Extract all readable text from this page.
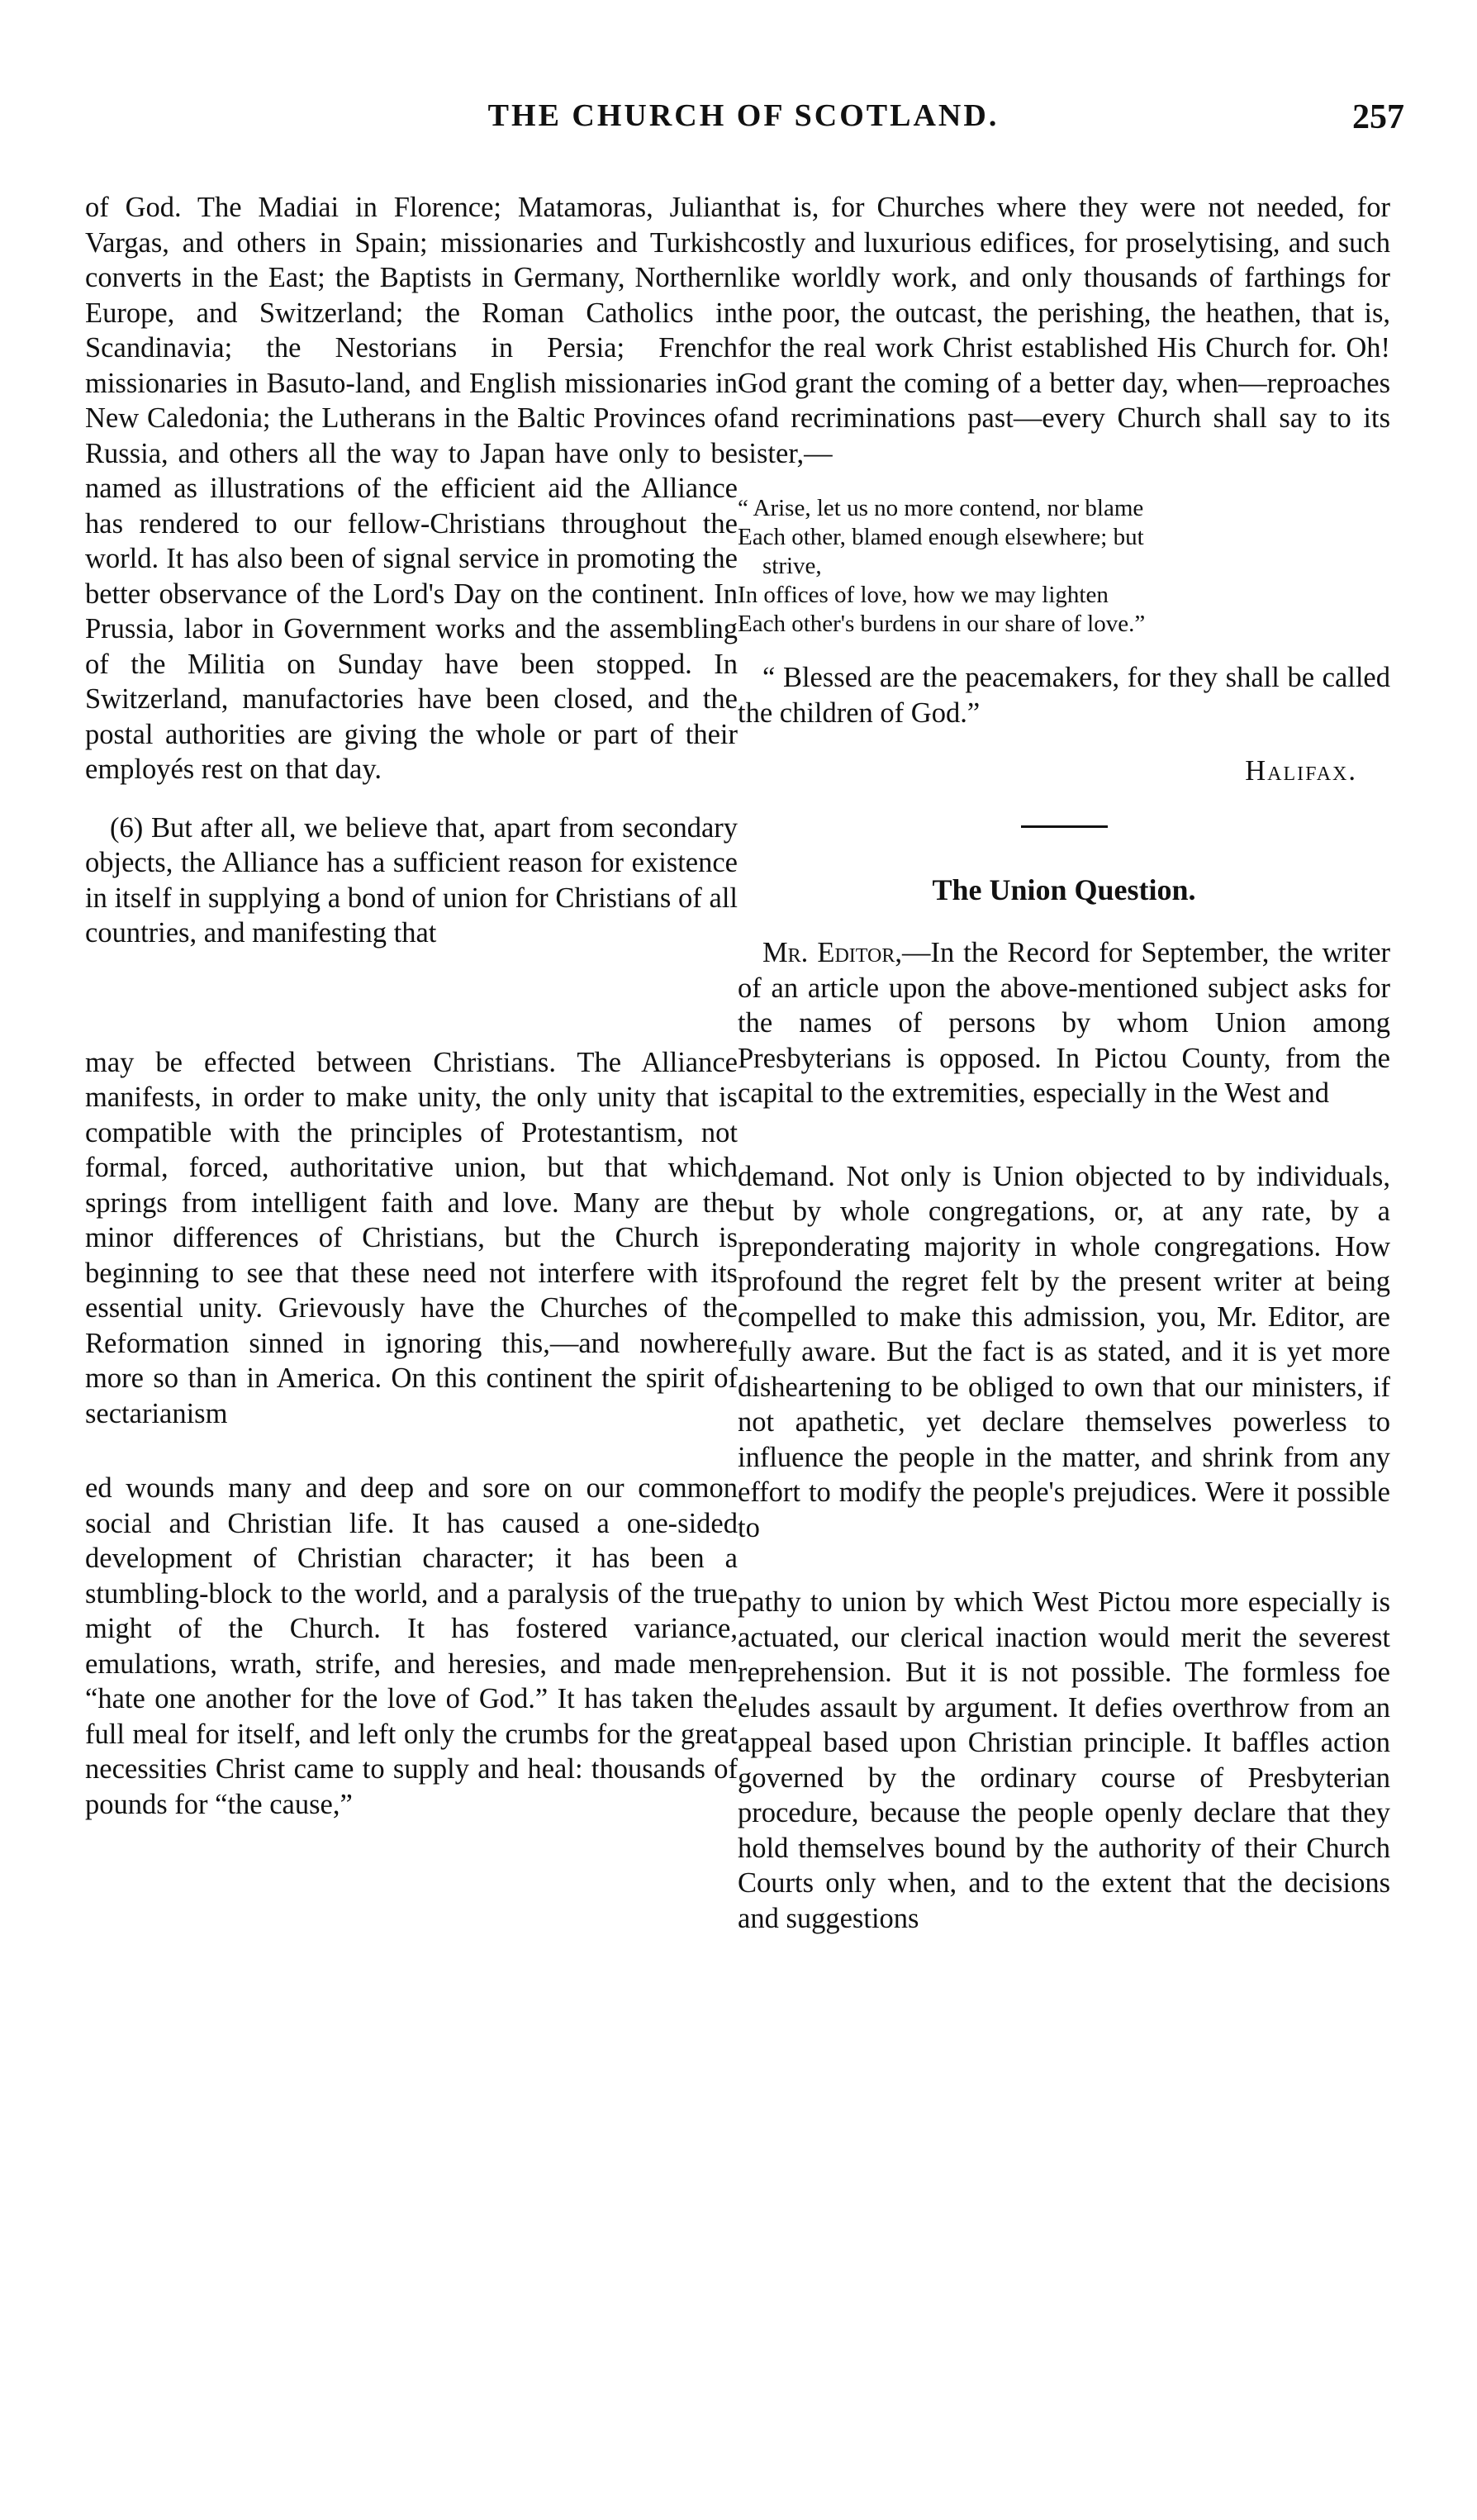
THE CHURCH OF SCOTLAND.	257

of God. The Madiai in Florence; Matamoras, Julian Vargas, and others in Spain; missionaries and Turkish converts in the East; the Baptists in Germany, Northern Europe, and Switzerland; the Roman Catholics in Scandinavia; the Nestorians in Persia; French missionaries in Basuto-land, and English missionaries in New Caledonia; the Lutherans in the Baltic Provinces of Russia, and others all the way to Japan have only to be named as illustrations of the efficient aid the Alliance has rendered to our fellow-Christians throughout the world. It has also been of signal service in promoting the better observance of the Lord's Day on the continent. In Prussia, labor in Government works and the assembling of the Militia on Sunday have been stopped. In Switzerland, manufactories have been closed, and the postal authorities are giving the whole or part of their employés rest on that day.

(6) But after all, we believe that, apart from secondary objects, the Alliance has a sufficient reason for existence in itself in supplying a bond of union for Christians of all countries, and manifesting that

may be effected between Christians. The Alliance manifests, in order to make unity, the only unity that is compatible with the principles of Protestantism, not formal, forced, authoritative union, but that which springs from intelligent faith and love. Many are the minor differences of Christians, but the Church is beginning to see that these need not interfere with its essential unity. Grievously have the Churches of the Reformation sinned in ignoring this,—and nowhere more so than in America. On this continent the spirit of sectarianism

ed wounds many and deep and sore on our common social and Christian life. It has caused a one-sided development of Christian character; it has been a stumbling-block to the world, and a paralysis of the true might of the Church. It has fostered variance, emulations, wrath, strife, and heresies, and made men “hate one another for the love of God.” It has taken the full meal for itself, and left only the crumbs for the great necessities Christ came to supply and heal: thousands of pounds for “the cause,”

that is, for Churches where they were not needed, for costly and luxurious edifices, for proselytising, and such like worldly work, and only thousands of farthings for the poor, the outcast, the perishing, the heathen, that is, for the real work Christ established His Church for. Oh! God grant the coming of a better day, when—reproaches and recriminations past—every Church shall say to its sister,—

“ Arise, let us no more contend, nor blame
Each other, blamed enough elsewhere; but
strive,
In offices of love, how we may lighten
Each other's burdens in our share of love.”

“ Blessed are the peacemakers, for they shall be called the children of God.”

Halifax.

The Union Question.

Mr. Editor,—In the Record for September, the writer of an article upon the above-mentioned subject asks for the names of persons by whom Union among Presbyterians is opposed. In Pictou County, from the capital to the extremities, especially in the West and

demand. Not only is Union objected to by individuals, but by whole congregations, or, at any rate, by a preponderating majority in whole congregations. How profound the regret felt by the present writer at being compelled to make this admission, you, Mr. Editor, are fully aware. But the fact is as stated, and it is yet more disheartening to be obliged to own that our ministers, if not apathetic, yet declare themselves powerless to influence the people in the matter, and shrink from any effort to modify the people's prejudices. Were it possible to

pathy to union by which West Pictou more especially is actuated, our clerical inaction would merit the severest reprehension. But it is not possible. The formless foe eludes assault by argument. It defies overthrow from an appeal based upon Christian principle. It baffles action governed by the ordinary course of Presbyterian procedure, because the people openly declare that they hold themselves bound by the authority of their Church Courts only when, and to the extent that the decisions and suggestions
